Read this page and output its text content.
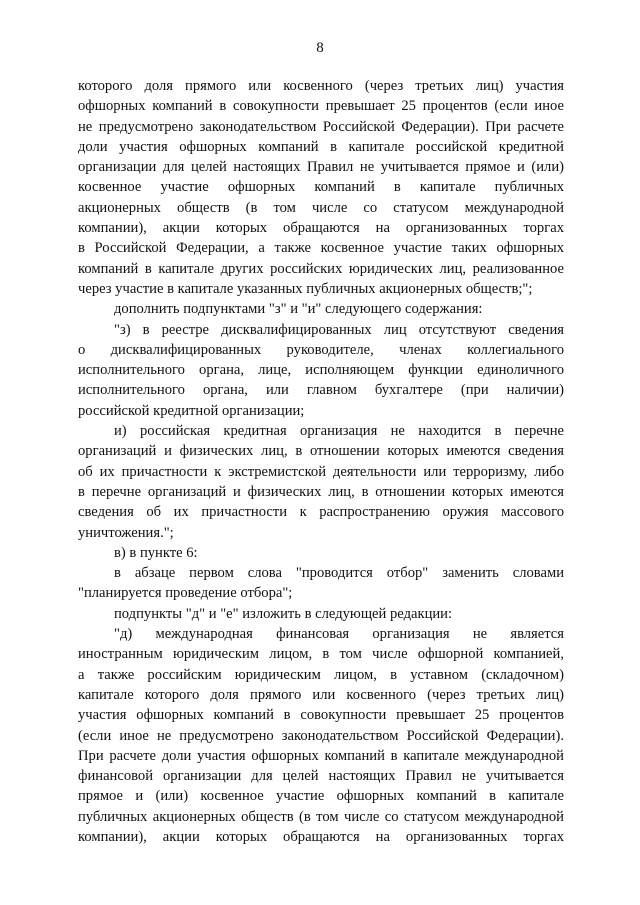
8
которого доля прямого или косвенного (через третьих лиц) участия
офшорных компаний в совокупности превышает 25 процентов (если иное
не предусмотрено законодательством Российской Федерации). При расчете
доли участия офшорных компаний в капитале российской кредитной
организации для целей настоящих Правил не учитывается прямое и (или)
косвенное участие офшорных компаний в капитале публичных
акционерных обществ (в том числе со статусом международной
компании), акции которых обращаются на организованных торгах
в Российской Федерации, а также косвенное участие таких офшорных
компаний в капитале других российских юридических лиц, реализованное
через участие в капитале указанных публичных акционерных обществ;";
дополнить подпунктами "з" и "и" следующего содержания:
"з) в реестре дисквалифицированных лиц отсутствуют сведения
о дисквалифицированных руководителе, членах коллегиального
исполнительного органа, лице, исполняющем функции единоличного
исполнительного органа, или главном бухгалтере (при наличии)
российской кредитной организации;
и) российская кредитная организация не находится в перечне
организаций и физических лиц, в отношении которых имеются сведения
об их причастности к экстремистской деятельности или терроризму, либо
в перечне организаций и физических лиц, в отношении которых имеются
сведения об их причастности к распространению оружия массового
уничтожения.";
в) в пункте 6:
в абзаце первом слова "проводится отбор" заменить словами
"планируется проведение отбора";
подпункты "д" и "е" изложить в следующей редакции:
"д) международная финансовая организация не является
иностранным юридическим лицом, в том числе офшорной компанией,
а также российским юридическим лицом, в уставном (складочном)
капитале которого доля прямого или косвенного (через третьих лиц)
участия офшорных компаний в совокупности превышает 25 процентов
(если иное не предусмотрено законодательством Российской Федерации).
При расчете доли участия офшорных компаний в капитале международной
финансовой организации для целей настоящих Правил не учитывается
прямое и (или) косвенное участие офшорных компаний в капитале
публичных акционерных обществ (в том числе со статусом международной
компании), акции которых обращаются на организованных торгах
